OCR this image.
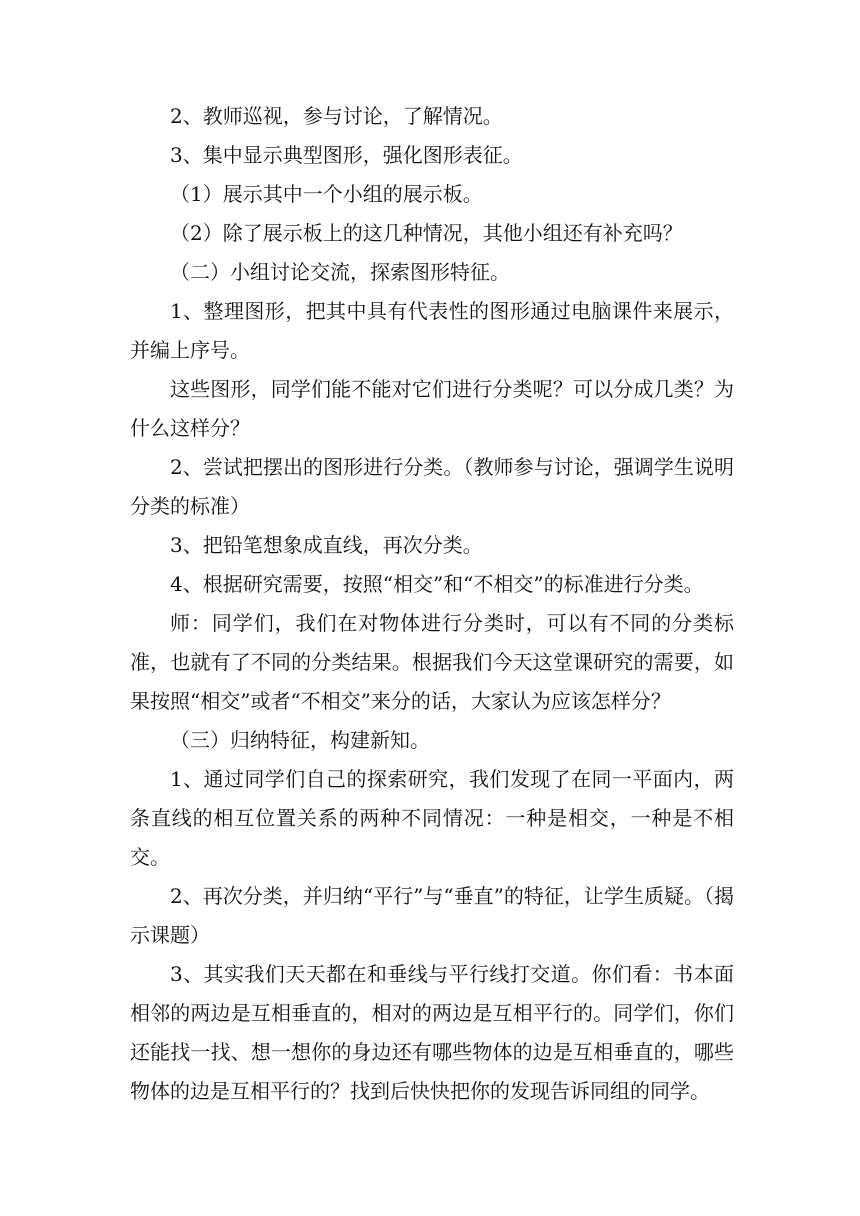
2、教师巡视，参与讨论，了解情况。

3、集中显示典型图形，强化图形表征。

（1）展示其中一个小组的展示板。

（2）除了展示板上的这几种情况，其他小组还有补充吗？

（二）小组讨论交流，探索图形特征。

1、整理图形，把其中具有代表性的图形通过电脑课件来展示，并编上序号。

这些图形，同学们能不能对它们进行分类呢？可以分成几类？为什么这样分？

2、尝试把摆出的图形进行分类。（教师参与讨论，强调学生说明分类的标准）

3、把铅笔想象成直线，再次分类。

4、根据研究需要，按照“相交”和“不相交”的标准进行分类。

师：同学们，我们在对物体进行分类时，可以有不同的分类标准，也就有了不同的分类结果。根据我们今天这堂课研究的需要，如果按照“相交”或者“不相交”来分的话，大家认为应该怎样分？

（三）归纳特征，构建新知。

1、通过同学们自己的探索研究，我们发现了在同一平面内，两条直线的相互位置关系的两种不同情况：一种是相交，一种是不相交。

2、再次分类，并归纳“平行”与“垂直”的特征，让学生质疑。（揭示课题）

3、其实我们天天都在和垂线与平行线打交道。你们看：书本面相邻的两边是互相垂直的，相对的两边是互相平行的。同学们，你们还能找一找、想一想你的身边还有哪些物体的边是互相垂直的，哪些物体的边是互相平行的？找到后快快把你的发现告诉同组的同学。
